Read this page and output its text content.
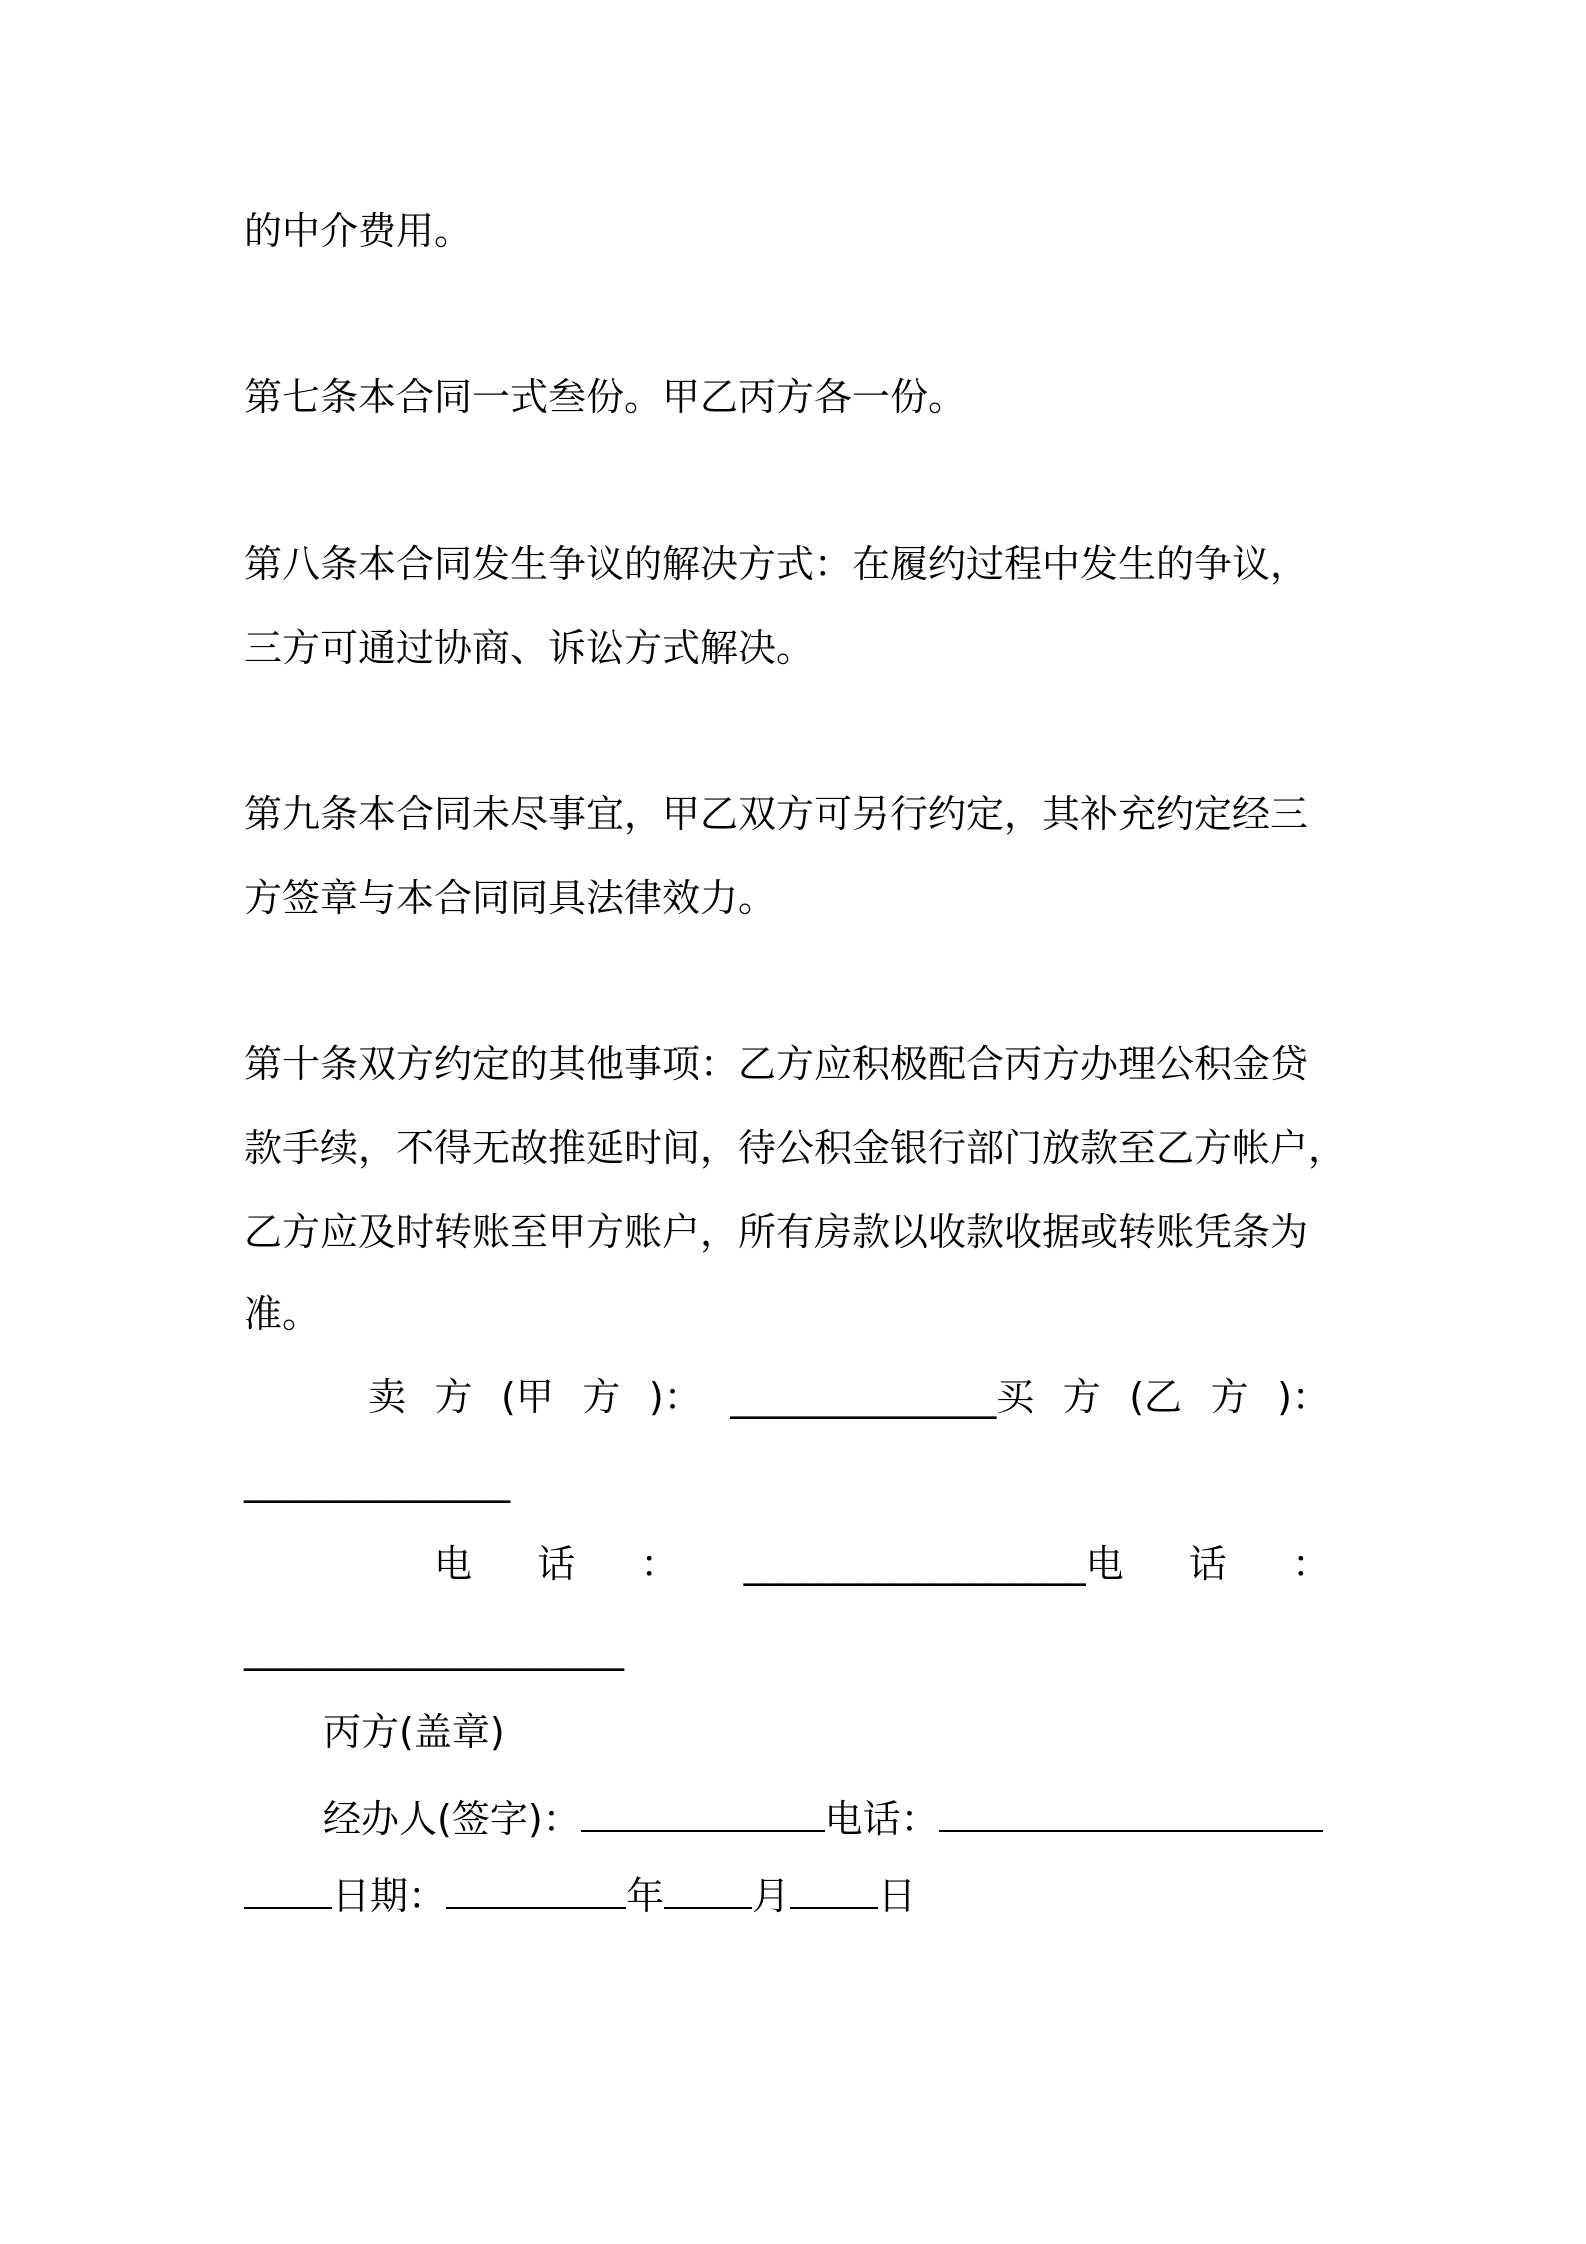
的中介费用。
第七条本合同一式叁份。甲乙丙方各一份。
第八条本合同发生争议的解决方式：在履约过程中发生的争议，
三方可通过协商、诉讼方式解决。
第九条本合同未尽事宜，甲乙双方可另行约定，其补充约定经三
方签章与本合同同具法律效力。
第十条双方约定的其他事项：乙方应积极配合丙方办理公积金贷
款手续，不得无故推延时间，待公积金银行部门放款至乙方帐户，
乙方应及时转账至甲方账户，所有房款以收款收据或转账凭条为
准。
卖 方 (甲 方 )： ______________买 方 (乙 方 )：
______________
电 话 ： __________________电 话 ：
____________________
丙方(盖章)
经办人(签字)：	电话：
日期：	年 月 日
